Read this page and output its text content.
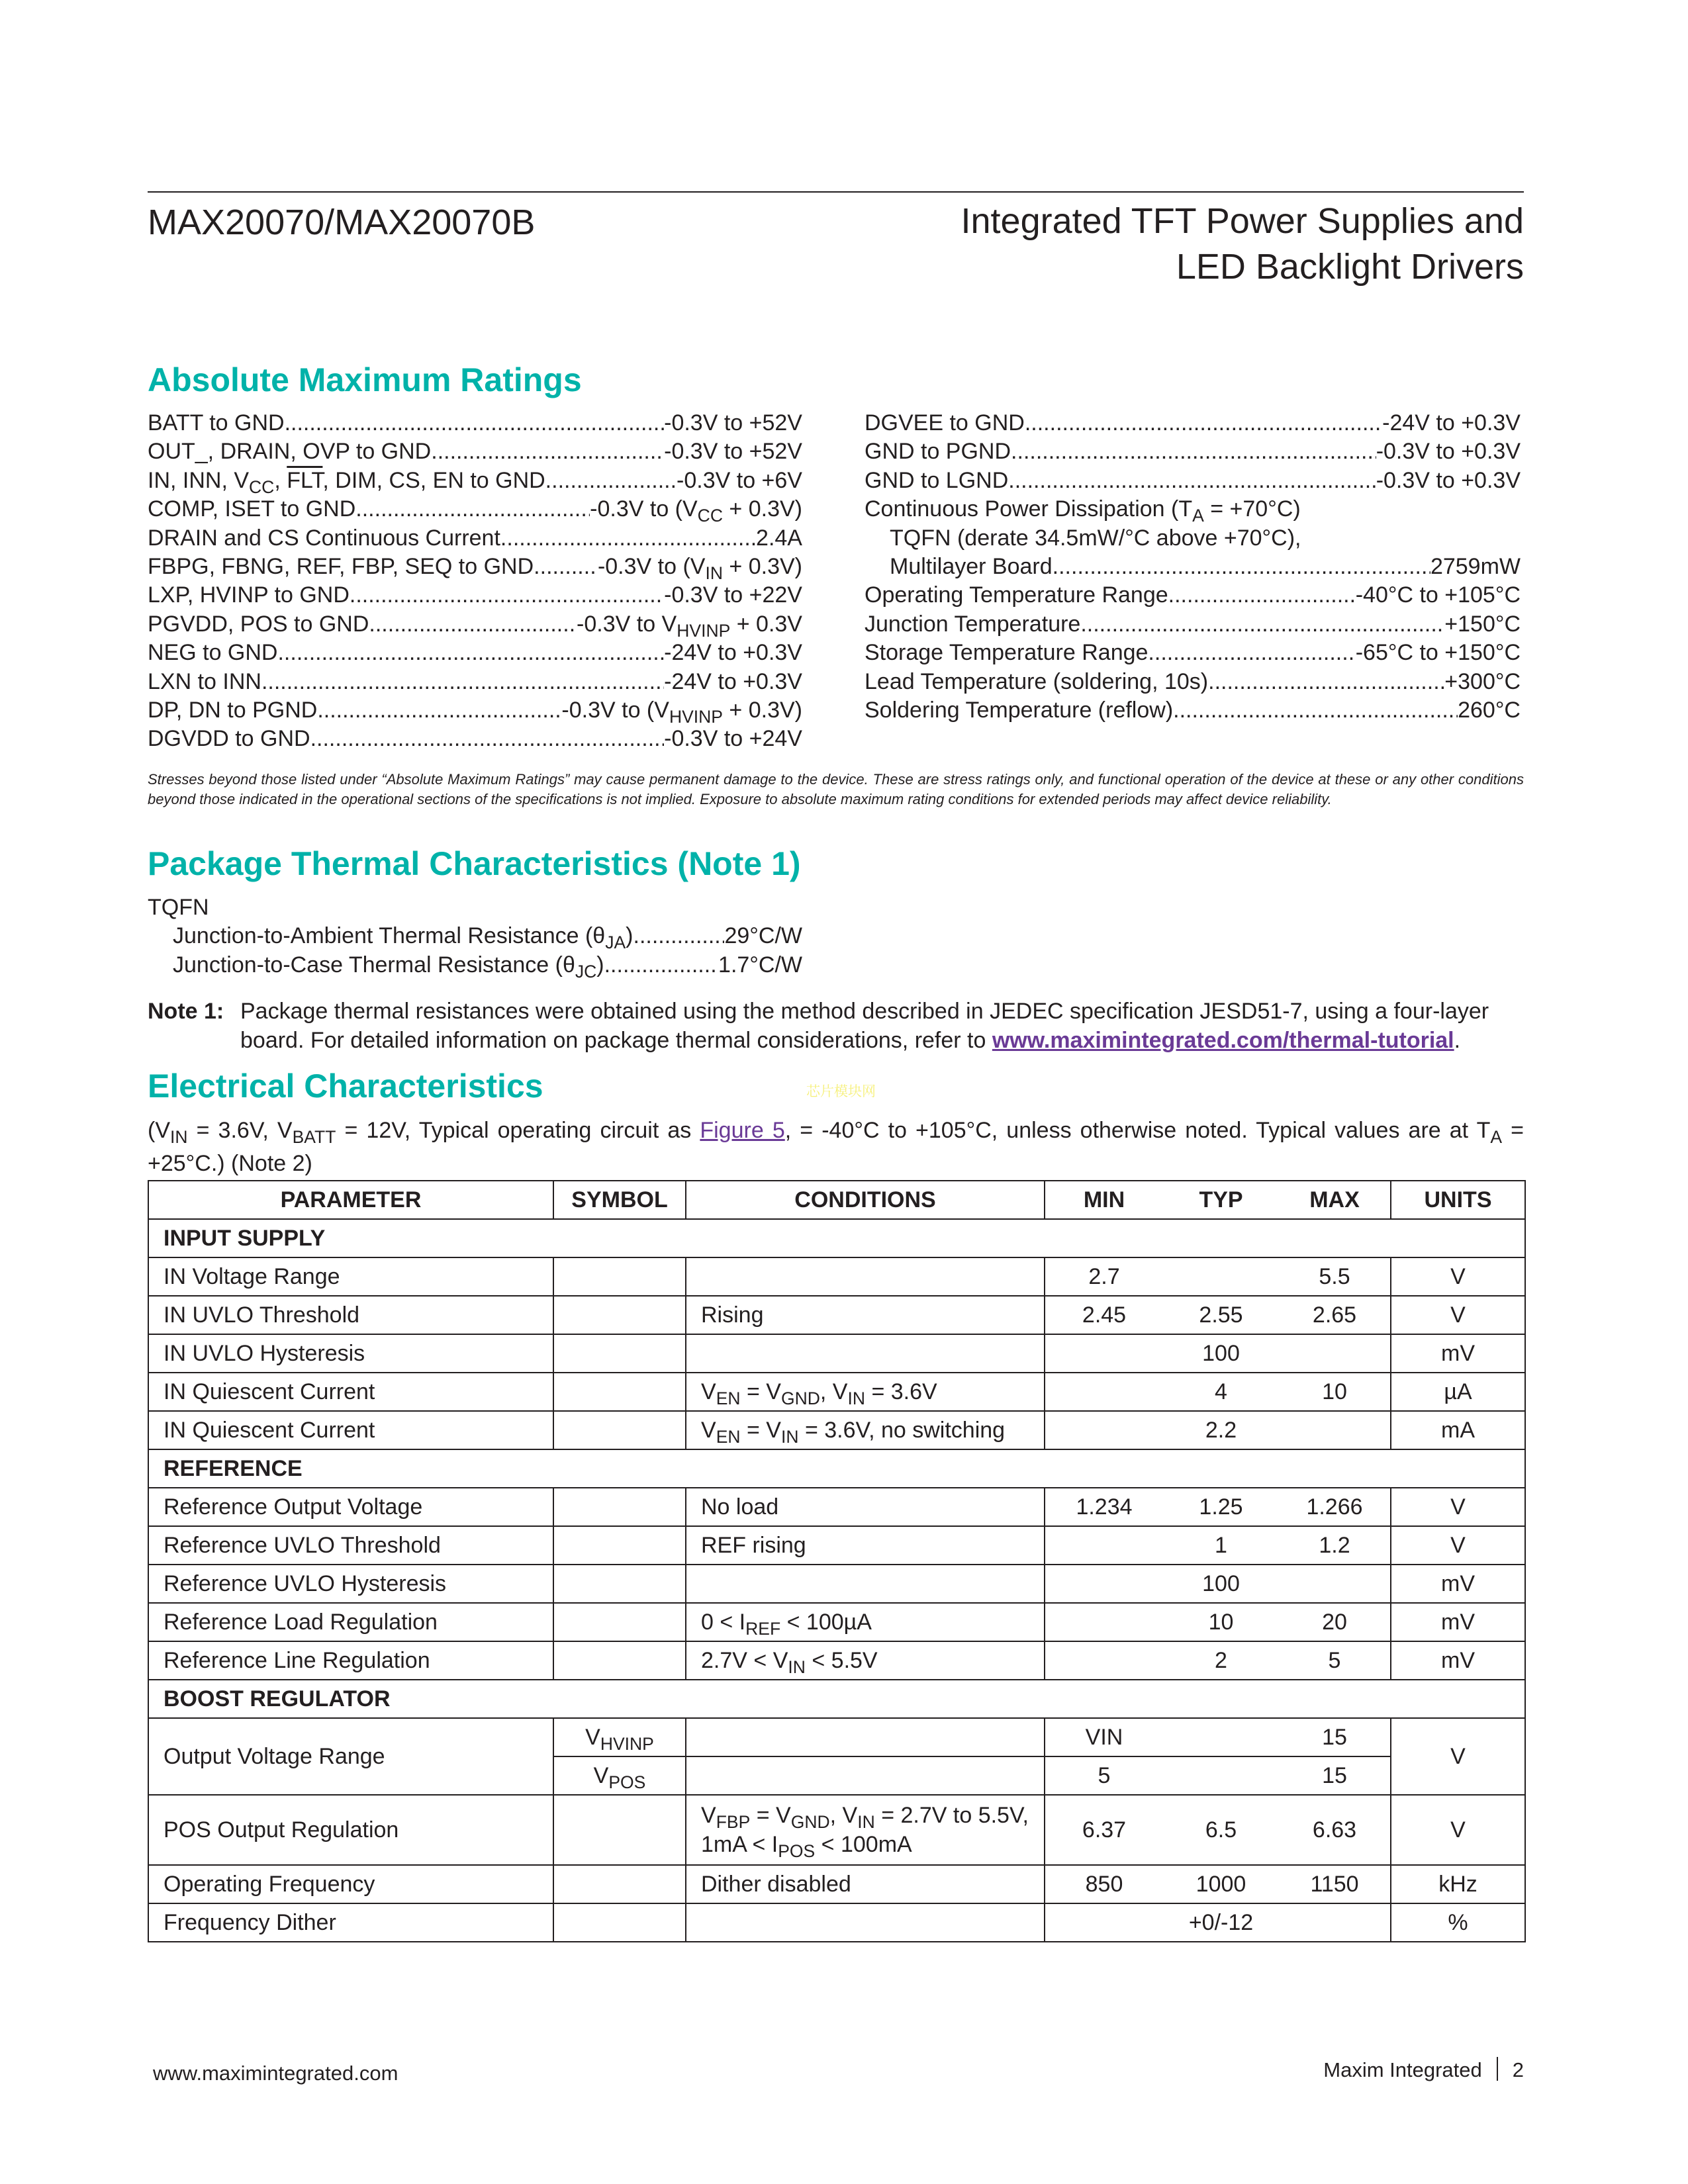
MAX20070/MAX20070B	Integrated TFT Power Supplies and
LED Backlight Drivers
Absolute Maximum Ratings
BATT to GND .....	-0.3V to +52V
OUT_, DRAIN, OVP to GND .....	-0.3V to +52V
IN, INN, $V_{CC}$, $\overline{FLT}$, DIM, CS, EN to GND .....	-0.3V to +6V
COMP, ISET to GND .....	-0.3V to $(V_{CC} + 0.3V)$
DRAIN and CS Continuous Current .....	2.4A
FBPG, FBNG, REF, FBP, SEQ to GND .....	-0.3V to $(V_{IN} + 0.3V)$
LXP, HVINP to GND .....	-0.3V to +22V
PGVDD, POS to GND .....	-0.3V to $V_{HVINP} + 0.3V$
NEG to GND .....	-24V to +0.3V
LXN to INN .....	-24V to +0.3V
DP, DN to PGND .....	-0.3V to $(V_{HVINP} + 0.3V)$
DGVDD to GND .....	-0.3V to +24V
DGVEE to GND .....	-24V to +0.3V
GND to PGND .....	-0.3V to +0.3V
GND to LGND .....	-0.3V to +0.3V
Continuous Power Dissipation $(T_A = +70^\circ C)$
TQFN (derate 34.5mW/°C above +70°C),
Multilayer Board .....	2759mW
Operating Temperature Range .....	-40°C to +105°C
Junction Temperature .....	+150°C
Storage Temperature Range .....	-65°C to +150°C
Lead Temperature (soldering, 10s) .....	+300°C
Soldering Temperature (reflow) .....	260°C
Stresses beyond those listed under “Absolute Maximum Ratings” may cause permanent damage to the device. These are stress ratings only, and functional operation of the device at these or any other conditions beyond those indicated in the operational sections of the specifications is not implied. Exposure to absolute maximum rating conditions for extended periods may affect device reliability.
Package Thermal Characteristics (Note 1)
TQFN
Junction-to-Ambient Thermal Resistance $(\theta_{JA})$ .....	29°C/W
Junction-to-Case Thermal Resistance $(\theta_{JC})$ .....	1.7°C/W
Note 1: Package thermal resistances were obtained using the method described in JEDEC specification JESD51-7, using a four-layer board. For detailed information on package thermal considerations, refer to www.maximintegrated.com/thermal-tutorial.
Electrical Characteristics	芯片模块网
($V_{IN} = 3.6V$, $V_{BATT} = 12V$, Typical operating circuit as Figure 5, = -40°C to +105°C, unless otherwise noted. Typical values are at $T_A = +25^\circ C$.) (Note 2)
PARAMETER	SYMBOL	CONDITIONS	MIN	TYP	MAX	UNITS
INPUT SUPPLY						
IN Voltage Range			2.7		5.5	V
IN UVLO Threshold		Rising	2.45	2.55	2.65	V
IN UVLO Hysteresis				100		mV
IN Quiescent Current		$V_{EN} = V_{GND}$, $V_{IN} = 3.6V$		4	10	µA
IN Quiescent Current		$V_{EN} = V_{IN} = 3.6V$, no switching		2.2		mA
REFERENCE						
Reference Output Voltage		No load	1.234	1.25	1.266	V
Reference UVLO Threshold		REF rising		1	1.2	V
Reference UVLO Hysteresis				100		mV
Reference Load Regulation		$0 < I_{REF} < 100\mu A$		10	20	mV
Reference Line Regulation		$2.7V < V_{IN} < 5.5V$		2	5	mV
BOOST REGULATOR						
Output Voltage Range	$V_{HVINP}$		VIN		15	V
	$V_{POS}$		5		15	
POS Output Regulation		$V_{FBP} = V_{GND}$, $V_{IN} = 2.7V$ to 5.5V, $1mA < I_{POS} < 100mA$	6.37	6.5	6.63	V
Operating Frequency		Dither disabled	850	1000	1150	kHz
Frequency Dither				+0/-12		%
www.maximintegrated.com	Maxim Integrated 2
